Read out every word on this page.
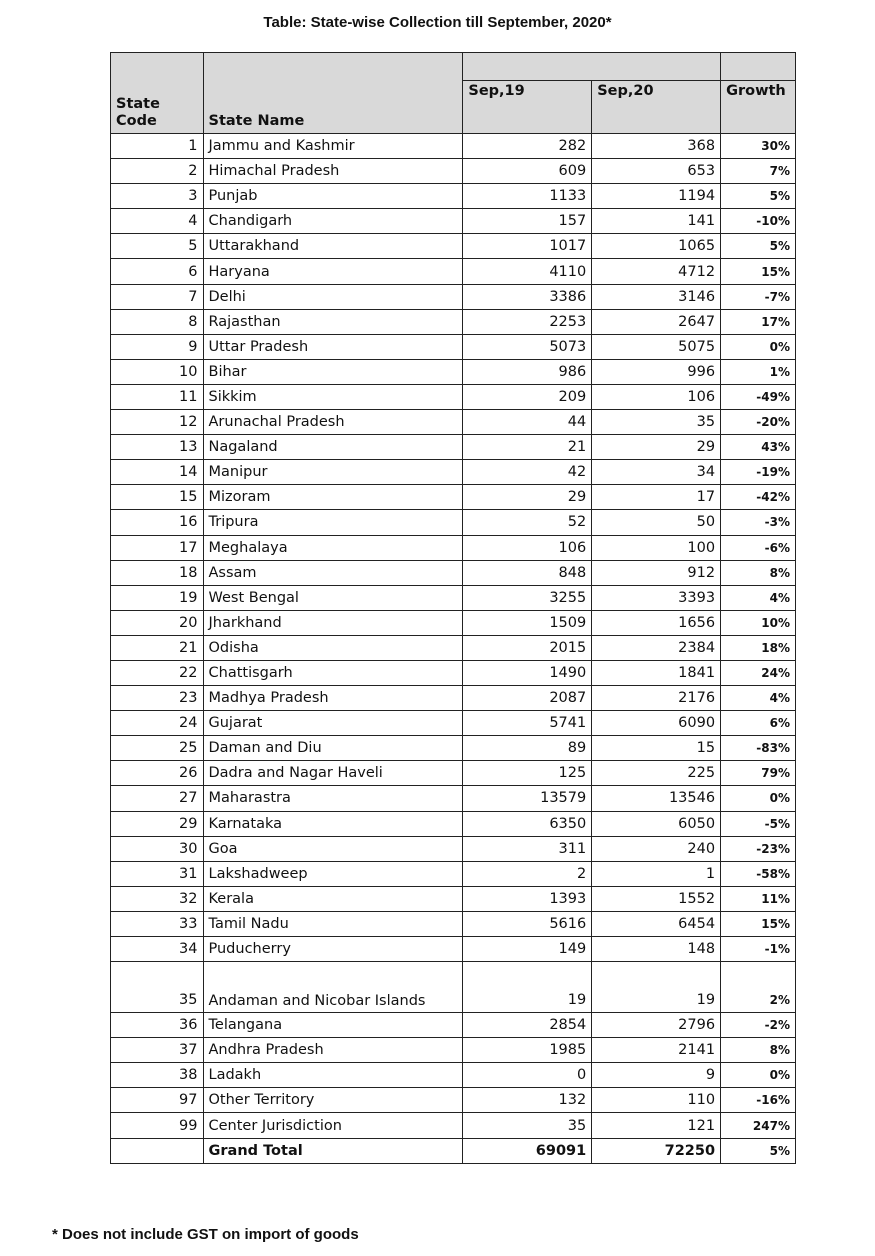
Table: State-wise Collection till September, 2020*
State Code	State Name			
		Sep,19	Sep,20	Growth
1	Jammu and Kashmir	282	368	30%
2	Himachal Pradesh	609	653	7%
3	Punjab	1133	1194	5%
4	Chandigarh	157	141	-10%
5	Uttarakhand	1017	1065	5%
6	Haryana	4110	4712	15%
7	Delhi	3386	3146	-7%
8	Rajasthan	2253	2647	17%
9	Uttar Pradesh	5073	5075	0%
10	Bihar	986	996	1%
11	Sikkim	209	106	-49%
12	Arunachal Pradesh	44	35	-20%
13	Nagaland	21	29	43%
14	Manipur	42	34	-19%
15	Mizoram	29	17	-42%
16	Tripura	52	50	-3%
17	Meghalaya	106	100	-6%
18	Assam	848	912	8%
19	West Bengal	3255	3393	4%
20	Jharkhand	1509	1656	10%
21	Odisha	2015	2384	18%
22	Chattisgarh	1490	1841	24%
23	Madhya Pradesh	2087	2176	4%
24	Gujarat	5741	6090	6%
25	Daman and Diu	89	15	-83%
26	Dadra and Nagar Haveli	125	225	79%
27	Maharastra	13579	13546	0%
29	Karnataka	6350	6050	-5%
30	Goa	311	240	-23%
31	Lakshadweep	2	1	-58%
32	Kerala	1393	1552	11%
33	Tamil Nadu	5616	6454	15%
34	Puducherry	149	148	-1%
35	Andaman and Nicobar Islands	19	19	2%
36	Telangana	2854	2796	-2%
37	Andhra Pradesh	1985	2141	8%
38	Ladakh	0	9	0%
97	Other Territory	132	110	-16%
99	Center Jurisdiction	35	121	247%
	Grand Total	69091	72250	5%
* Does not include GST on import of goods
